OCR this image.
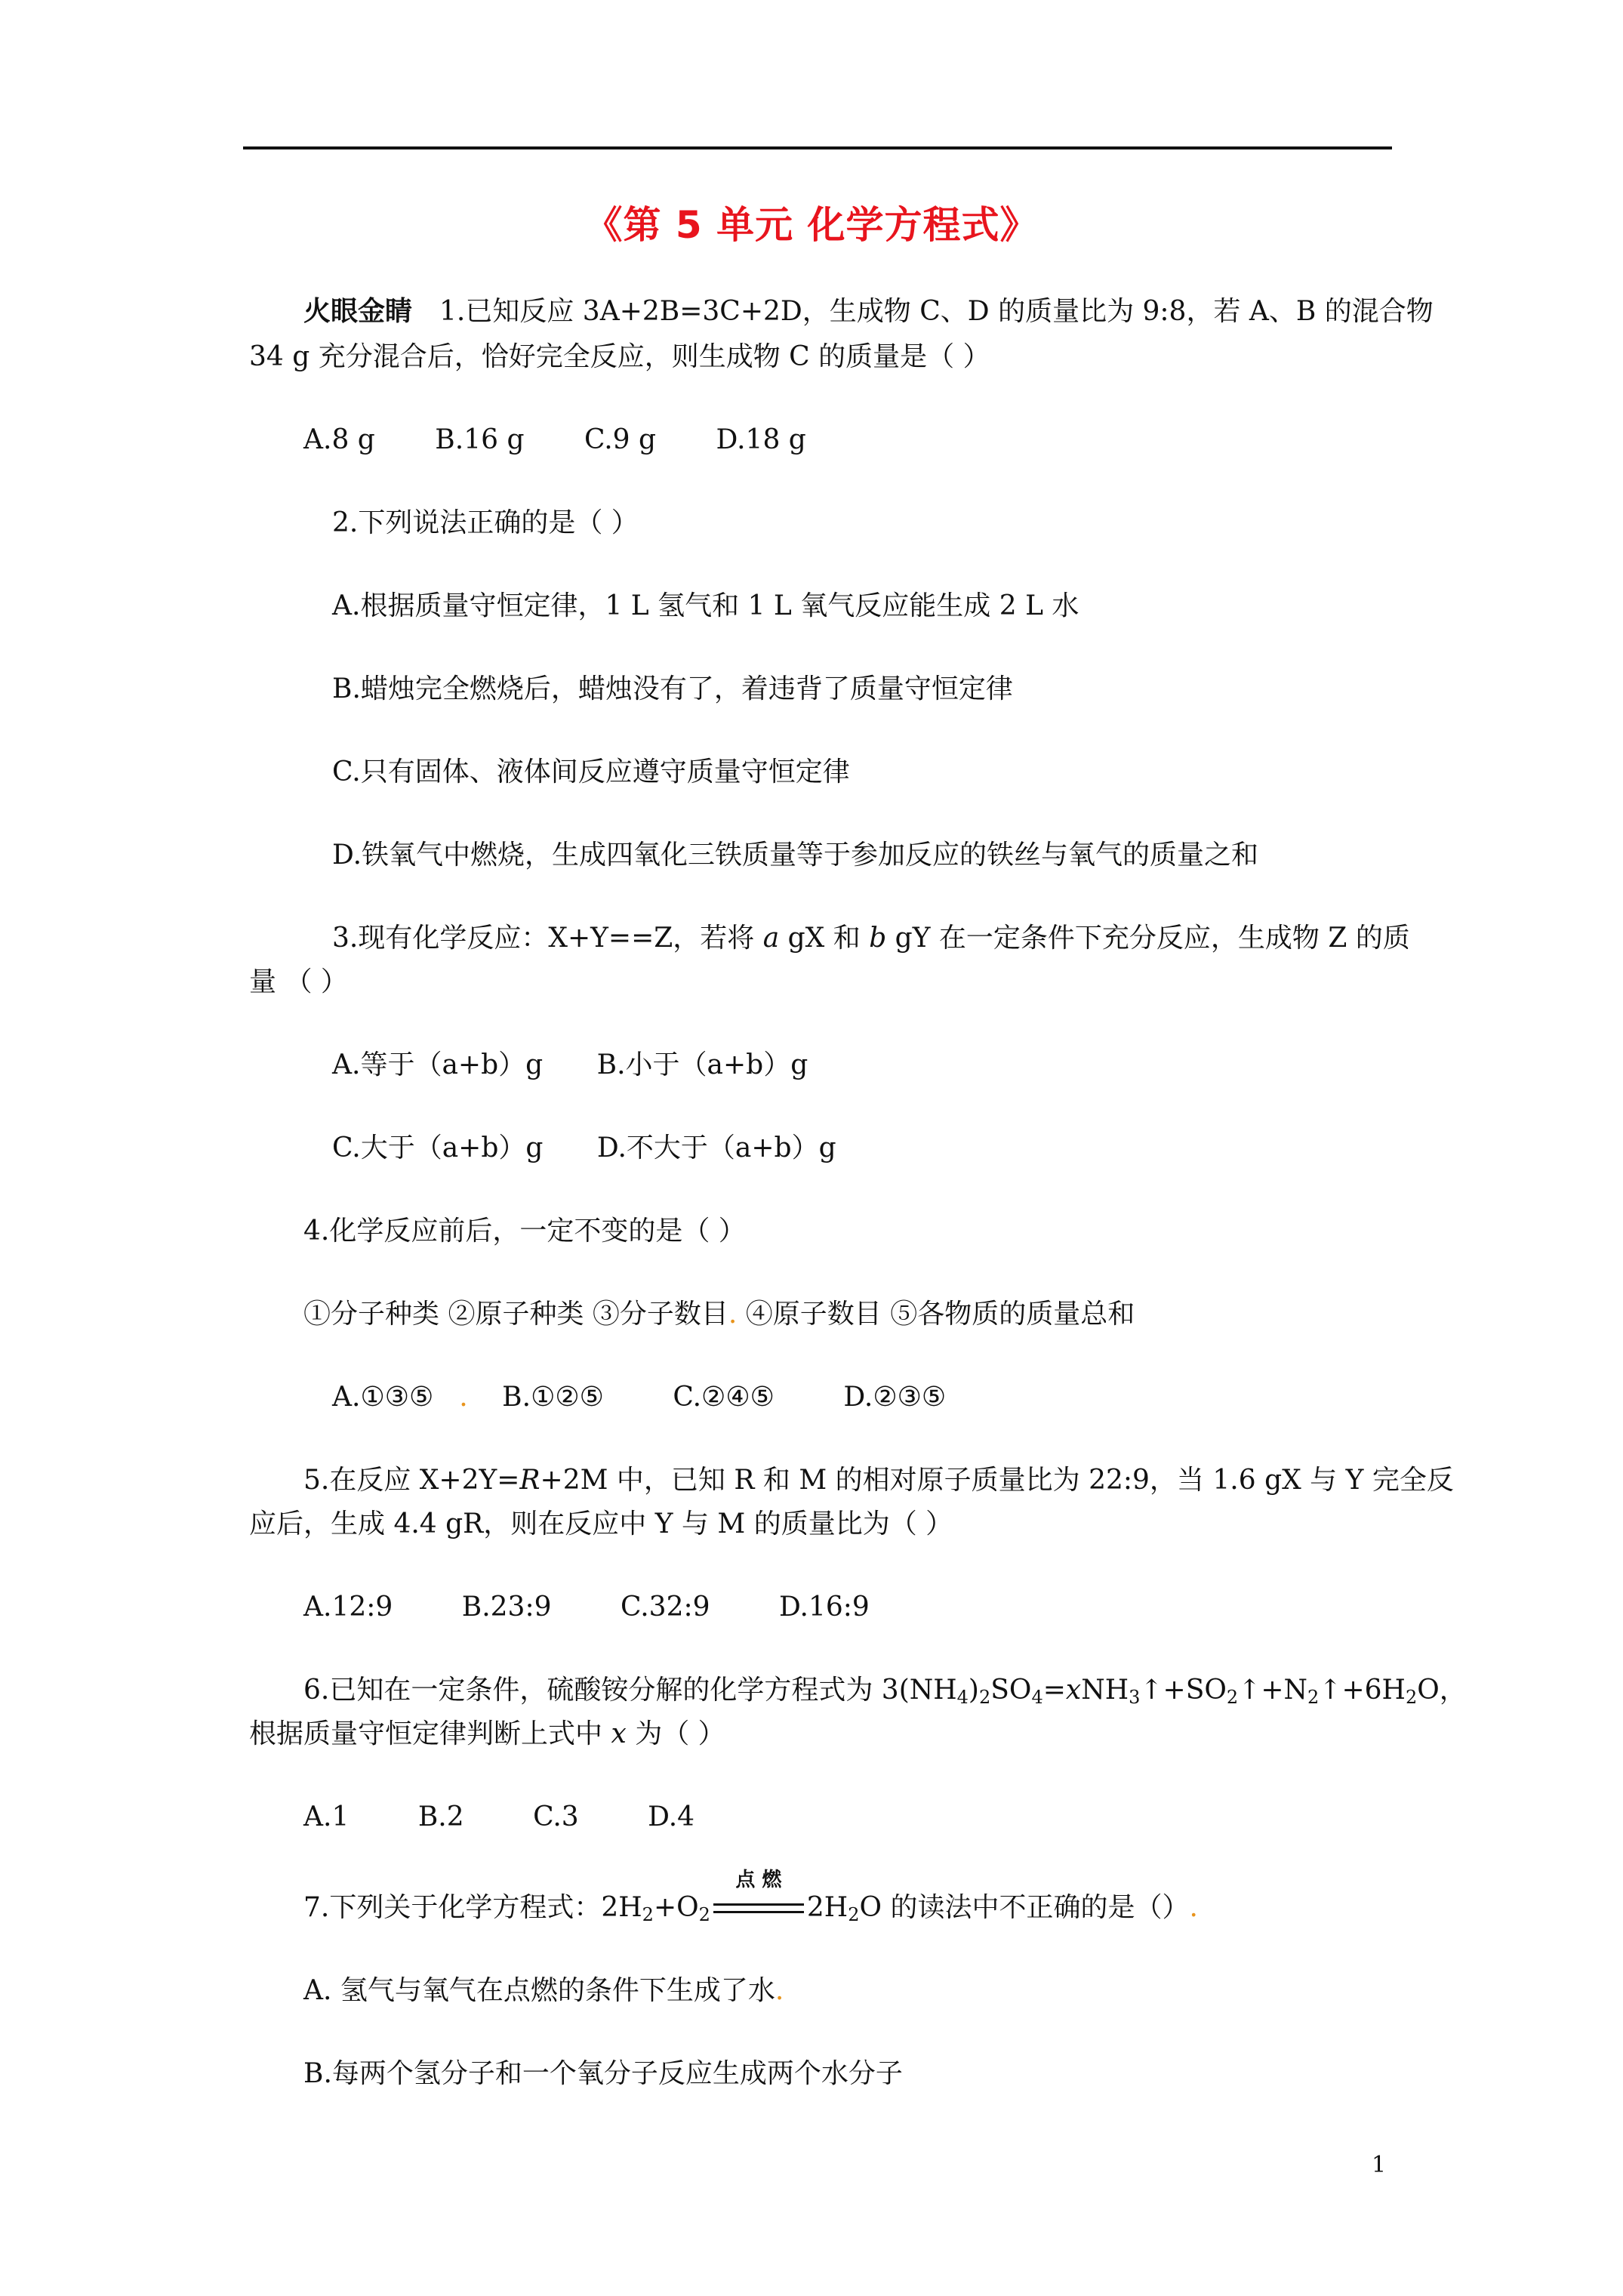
《第 5 单元 化学方程式》
火眼金睛 1.已知反应 3A+2B=3C+2D，生成物 C、D 的质量比为 9:8，若 A、B 的混合物
34 g 充分混合后，恰好完全反应，则生成物 C 的质量是（ ）
A.8 g B.16 g C.9 g D.18 g
2.下列说法正确的是（ ）
A.根据质量守恒定律，1 L 氢气和 1 L 氧气反应能生成 2 L 水
B.蜡烛完全燃烧后，蜡烛没有了，着违背了质量守恒定律
C.只有固体、液体间反应遵守质量守恒定律
D.铁氧气中燃烧，生成四氧化三铁质量等于参加反应的铁丝与氧气的质量之和
3.现有化学反应：X+Y==Z，若将 a gX 和 b gY 在一定条件下充分反应，生成物 Z 的质
量 （ ）
A.等于（a+b）g B.小于（a+b）g
C.大于（a+b）g D.不大于（a+b）g
4.化学反应前后，一定不变的是（ ）
①分子种类 ②原子种类 ③分子数目. ④原子数目 ⑤各物质的质量总和
A.①③⑤ . B.①②⑤	C.②④⑤	D.②③⑤
5.在反应 X+2Y=R+2M 中，已知 R 和 M 的相对原子质量比为 22:9，当 1.6 gX 与 Y 完全反
应后，生成 4.4 gR，则在反应中 Y 与 M 的质量比为（ ）
A.12:9	B.23:9	C.32:9	D.16:9
6.已知在一定条件，硫酸铵分解的化学方程式为 $3(NH_4)_2SO_4=xNH_3↑+SO_2↑+N_2↑+6H_2O$，
根据质量守恒定律判断上式中 x 为（ ）
A.1	B.2	C.3	D.4
7.下列关于化学方程式：$2H_2+O_2$
点 燃
$2H_2O$ 的读法中不正确的是（）.
A. 氢气与氧气在点燃的条件下生成了水.
B.每两个氢分子和一个氧分子反应生成两个水分子
1
